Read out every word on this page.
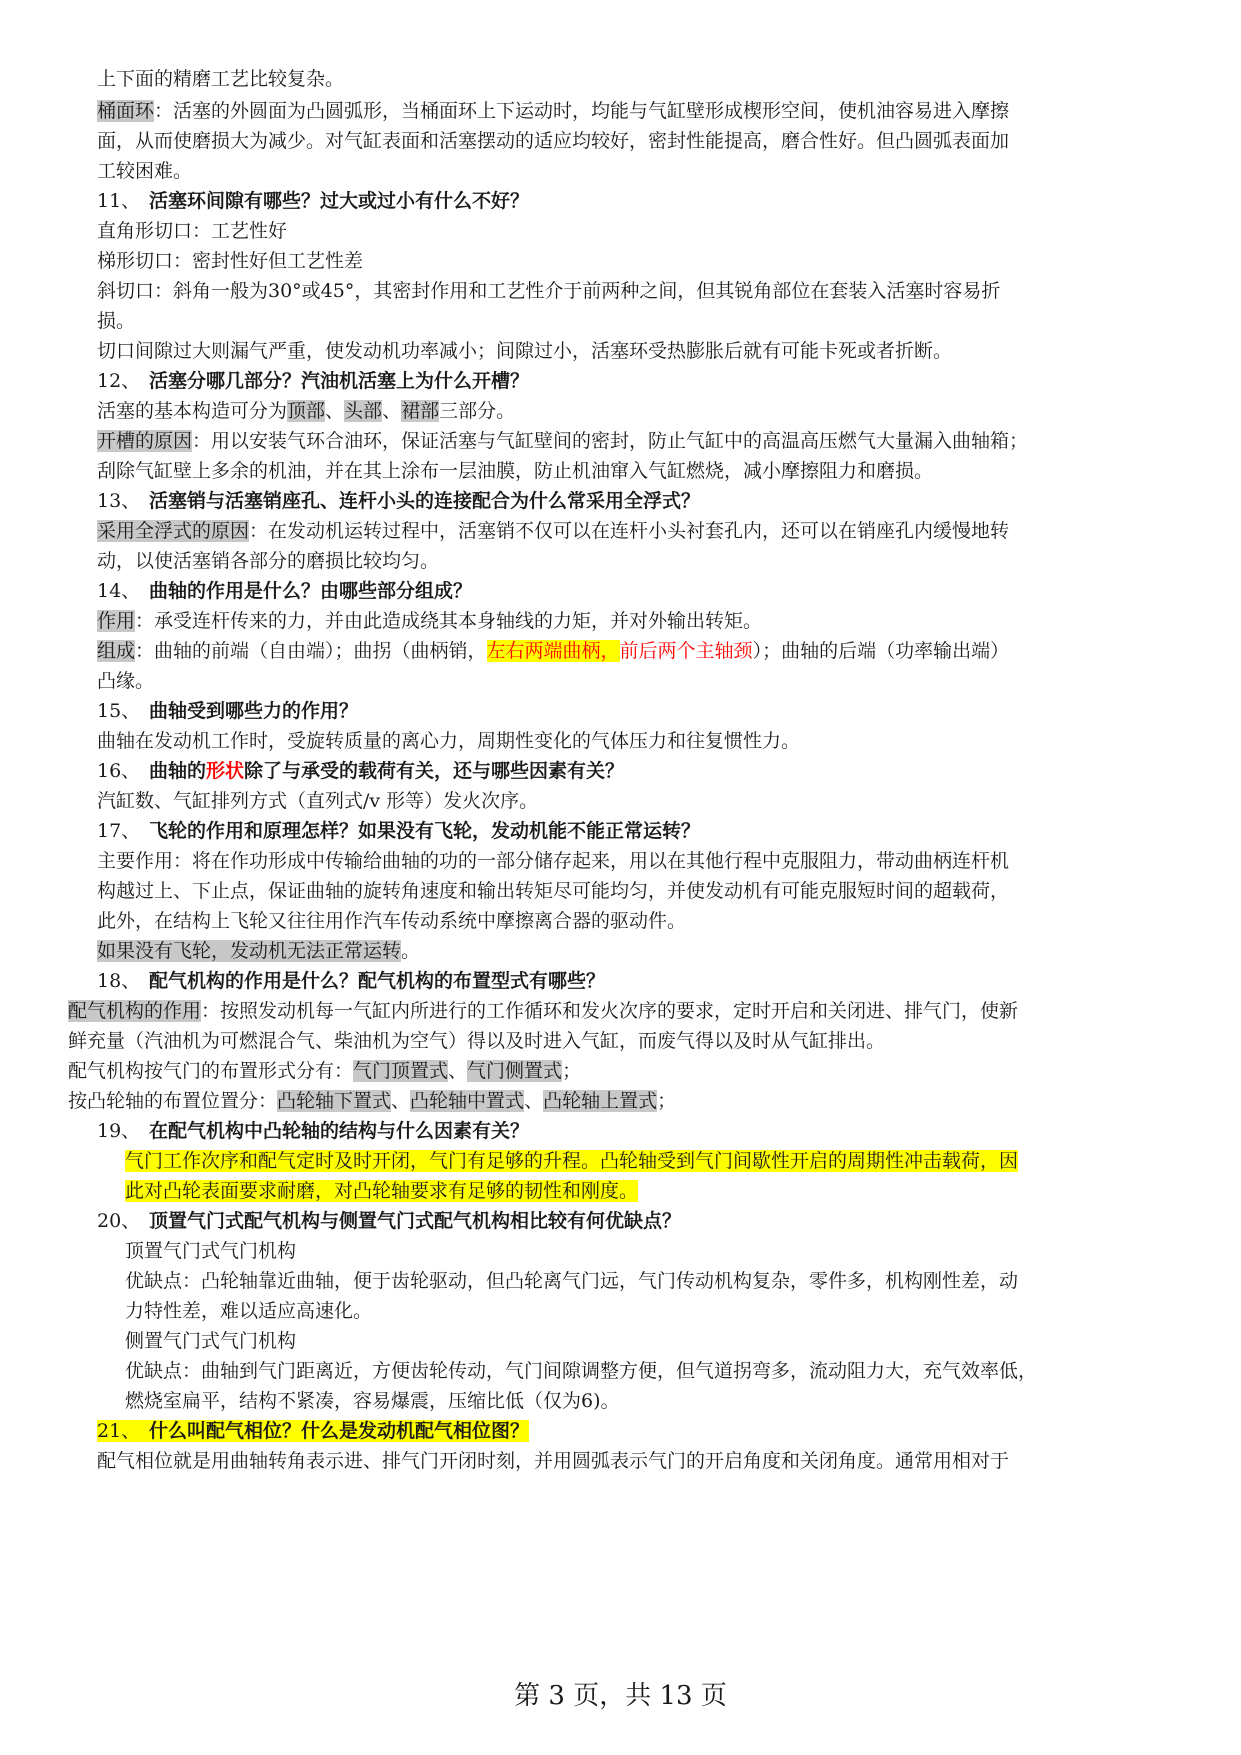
上下面的精磨工艺比较复杂。
桶面环：活塞的外圆面为凸圆弧形，当桶面环上下运动时，均能与气缸壁形成楔形空间，使机油容易进入摩擦
面，从而使磨损大为减少。对气缸表面和活塞摆动的适应均较好，密封性能提高，磨合性好。但凸圆弧表面加
工较困难。
11、 活塞环间隙有哪些？过大或过小有什么不好？
直角形切口：工艺性好
梯形切口：密封性好但工艺性差
斜切口：斜角一般为30°或45°，其密封作用和工艺性介于前两种之间，但其锐角部位在套装入活塞时容易折
损。
切口间隙过大则漏气严重，使发动机功率减小；间隙过小，活塞环受热膨胀后就有可能卡死或者折断。
12、 活塞分哪几部分？汽油机活塞上为什么开槽？
活塞的基本构造可分为顶部、头部、裙部三部分。
开槽的原因：用以安装气环合油环，保证活塞与气缸壁间的密封，防止气缸中的高温高压燃气大量漏入曲轴箱；
刮除气缸壁上多余的机油，并在其上涂布一层油膜，防止机油窜入气缸燃烧，减小摩擦阻力和磨损。
13、 活塞销与活塞销座孔、连杆小头的连接配合为什么常采用全浮式？
采用全浮式的原因：在发动机运转过程中，活塞销不仅可以在连杆小头衬套孔内，还可以在销座孔内缓慢地转
动，以使活塞销各部分的磨损比较均匀。
14、 曲轴的作用是什么？由哪些部分组成？
作用：承受连杆传来的力，并由此造成绕其本身轴线的力矩，并对外输出转矩。
组成：曲轴的前端（自由端）；曲拐（曲柄销，左右两端曲柄，前后两个主轴颈）；曲轴的后端（功率输出端）
凸缘。
15、 曲轴受到哪些力的作用？
曲轴在发动机工作时，受旋转质量的离心力，周期性变化的气体压力和往复惯性力。
16、 曲轴的形状除了与承受的载荷有关，还与哪些因素有关？
汽缸数、气缸排列方式（直列式/v 形等）发火次序。
17、 飞轮的作用和原理怎样？如果没有飞轮，发动机能不能正常运转？
主要作用：将在作功形成中传输给曲轴的功的一部分储存起来，用以在其他行程中克服阻力，带动曲柄连杆机
构越过上、下止点，保证曲轴的旋转角速度和输出转矩尽可能均匀，并使发动机有可能克服短时间的超载荷，
此外，在结构上飞轮又往往用作汽车传动系统中摩擦离合器的驱动件。
如果没有飞轮，发动机无法正常运转。
18、 配气机构的作用是什么？配气机构的布置型式有哪些？
配气机构的作用：按照发动机每一气缸内所进行的工作循环和发火次序的要求，定时开启和关闭进、排气门，使新
鲜充量（汽油机为可燃混合气、柴油机为空气）得以及时进入气缸，而废气得以及时从气缸排出。
配气机构按气门的布置形式分有：气门顶置式、气门侧置式；
按凸轮轴的布置位置分：凸轮轴下置式、凸轮轴中置式、凸轮轴上置式；
19、 在配气机构中凸轮轴的结构与什么因素有关？
气门工作次序和配气定时及时开闭，气门有足够的升程。凸轮轴受到气门间歇性开启的周期性冲击载荷，因
此对凸轮表面要求耐磨，对凸轮轴要求有足够的韧性和刚度。
20、 顶置气门式配气机构与侧置气门式配气机构相比较有何优缺点？
顶置气门式气门机构
优缺点：凸轮轴靠近曲轴，便于齿轮驱动，但凸轮离气门远，气门传动机构复杂，零件多，机构刚性差，动
力特性差，难以适应高速化。
侧置气门式气门机构
优缺点：曲轴到气门距离近，方便齿轮传动，气门间隙调整方便，但气道拐弯多，流动阻力大，充气效率低，
燃烧室扁平，结构不紧凑，容易爆震，压缩比低（仅为6)。
21、 什么叫配气相位？什么是发动机配气相位图？
配气相位就是用曲轴转角表示进、排气门开闭时刻，并用圆弧表示气门的开启角度和关闭角度。通常用相对于
第 3 页，共 13 页
